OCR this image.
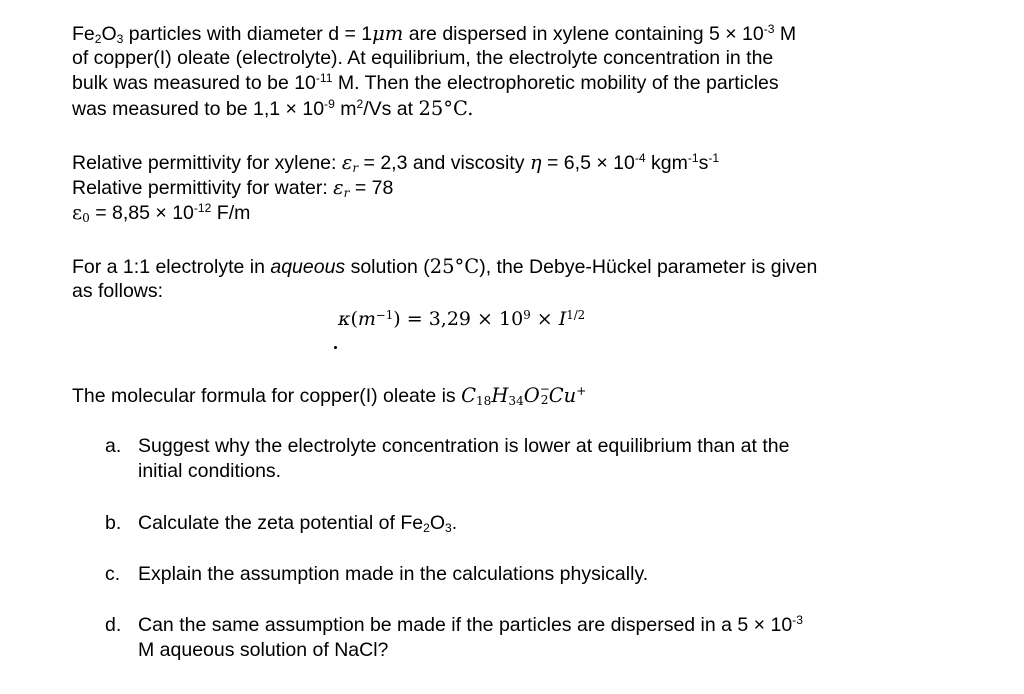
$Fe_2O_3$ particles with diameter d = 1μm are dispersed in xylene containing $5 \times 10^{-3}$ M
of copper(I) oleate (electrolyte). At equilibrium, the electrolyte concentration in the
bulk was measured to be $10^{-11}$ M. Then the electrophoretic mobility of the particles
was measured to be $1,1 \times 10^{-9}$ $m^2/Vs$ at 25°C.
Relative permittivity for xylene: $\varepsilon_r = 2,3$ and viscosity $\eta = 6,5 \times 10^{-4}$ $kgm^{-1}s^{-1}$
Relative permittivity for water: $\varepsilon_r = 78$
$\varepsilon_0 = 8,85 \times 10^{-12}$ F/m
For a 1:1 electrolyte in aqueous solution (25°C), the Debye-Hückel parameter is given
as follows:
$\kappa(m^{-1}) = 3,29 \times 10^9 \times I^{1/2}$
The molecular formula for copper(I) oleate is $C_{18}H_{34}O$ −
2 Cu+
a. Suggest why the electrolyte concentration is lower at equilibrium than at the
initial conditions.
b. Calculate the zeta potential of $Fe_2O_3$.
c. Explain the assumption made in the calculations physically.
d. Can the same assumption be made if the particles are dispersed in a $5 \times 10^{-3}$
M aqueous solution of NaCl?
